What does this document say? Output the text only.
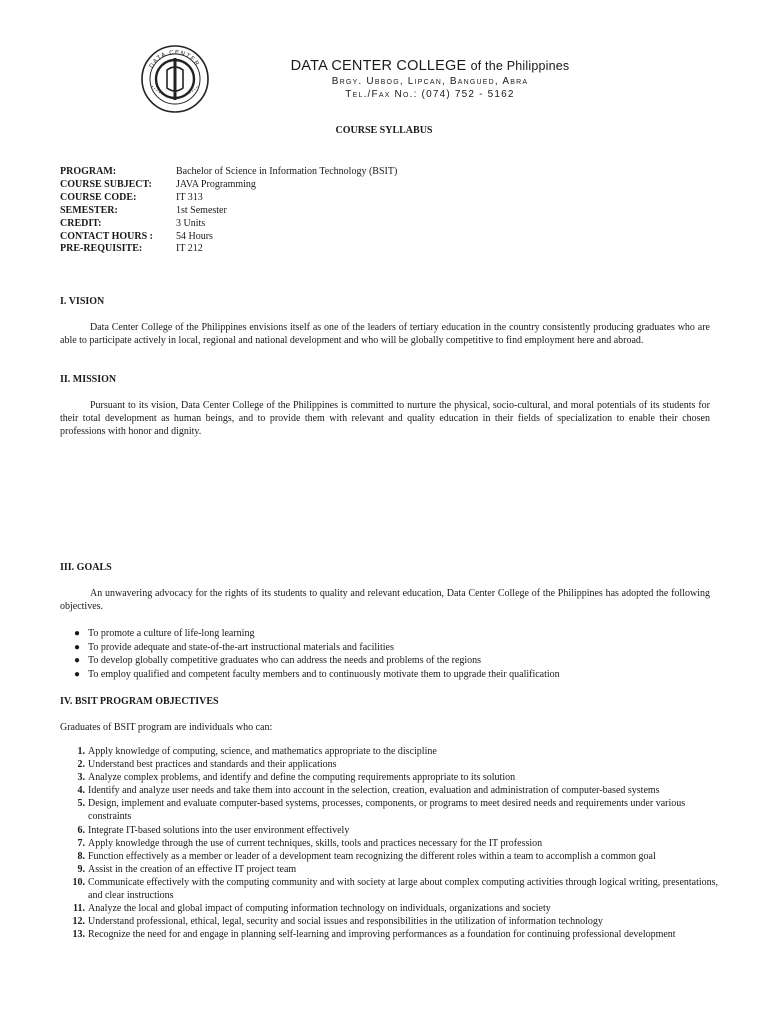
DATA CENTER	DATA CENTER COLLEGE of the Philippines
Brgy. Ubbog, Lipcan, Bangued, Abra
Tel./Fax No.: (074) 752 - 5162
COURSE SYLLABUS
PROGRAM:	Bachelor of Science in Information Technology (BSIT)
COURSE SUBJECT:	JAVA Programming
COURSE CODE:	IT 313
SEMESTER:	1st Semester
CREDIT:	3 Units
CONTACT HOURS :	54 Hours
PRE-REQUISITE:	IT 212
I. VISION
Data Center College of the Philippines envisions itself as one of the leaders of tertiary education in the country consistently producing graduates who are able to participate actively in local, regional and national development and who will be globally competitive to find employment here and abroad.
II. MISSION
Pursuant to its vision, Data Center College of the Philippines is committed to nurture the physical, socio-cultural, and moral potentials of its students for their total development as human beings, and to provide them with relevant and quality education in their fields of specialization to enable their chosen professions with honor and dignity.
III. GOALS
An unwavering advocacy for the rights of its students to quality and relevant education, Data Center College of the Philippines has adopted the following objectives.
● To promote a culture of life-long learning
● To provide adequate and state-of-the-art instructional materials and facilities
● To develop globally competitive graduates who can address the needs and problems of the regions
● To employ qualified and competent faculty members and to continuously motivate them to upgrade their qualification
IV. BSIT PROGRAM OBJECTIVES
Graduates of BSIT program are individuals who can:
1. Apply knowledge of computing, science, and mathematics appropriate to the discipline
2. Understand best practices and standards and their applications
3. Analyze complex problems, and identify and define the computing requirements appropriate to its solution
4. Identify and analyze user needs and take them into account in the selection, creation, evaluation and administration of computer-based systems
5. Design, implement and evaluate computer-based systems, processes, components, or programs to meet desired needs and requirements under various constraints
6. Integrate IT-based solutions into the user environment effectively
7. Apply knowledge through the use of current techniques, skills, tools and practices necessary for the IT profession
8. Function effectively as a member or leader of a development team recognizing the different roles within a team to accomplish a common goal
9. Assist in the creation of an effective IT project team
10. Communicate effectively with the computing community and with society at large about complex computing activities through logical writing, presentations, and clear instructions
11. Analyze the local and global impact of computing information technology on individuals, organizations and society
12. Understand professional, ethical, legal, security and social issues and responsibilities in the utilization of information technology
13. Recognize the need for and engage in planning self-learning and improving performances as a foundation for continuing professional development
